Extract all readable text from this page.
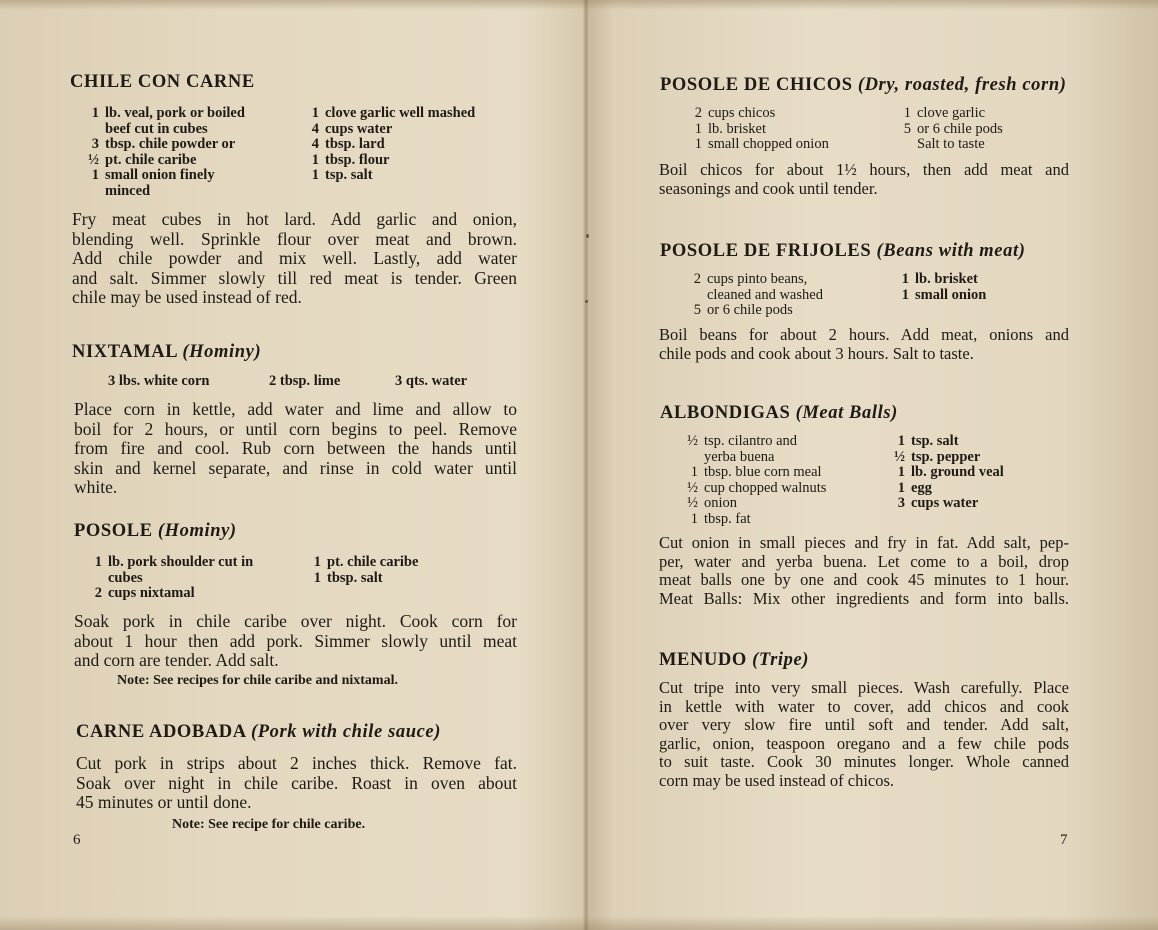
CHILE CON CARNE
1 lb. veal, pork or boiled
beef cut in cubes
3 tbsp. chile powder or
½ pt. chile caribe
1 small onion finely
minced
1 clove garlic well mashed
4 cups water
4 tbsp. lard
1 tbsp. flour
1 tsp. salt
Fry meat cubes in hot lard. Add garlic and onion,
blending well. Sprinkle flour over meat and brown.
Add chile powder and mix well. Lastly, add water
and salt. Simmer slowly till red meat is tender. Green
chile may be used instead of red.
NIXTAMAL (Hominy)
3 lbs. white corn	2 tbsp. lime	3 qts. water
Place corn in kettle, add water and lime and allow to
boil for 2 hours, or until corn begins to peel. Remove
from fire and cool. Rub corn between the hands until
skin and kernel separate, and rinse in cold water until
white.
POSOLE (Hominy)
1 lb. pork shoulder cut in
cubes
2 cups nixtamal
1 pt. chile caribe
1 tbsp. salt
Soak pork in chile caribe over night. Cook corn for
about 1 hour then add pork. Simmer slowly until meat
and corn are tender. Add salt.
Note: See recipes for chile caribe and nixtamal.
CARNE ADOBADA (Pork with chile sauce)
Cut pork in strips about 2 inches thick. Remove fat.
Soak over night in chile caribe. Roast in oven about
45 minutes or until done.
Note: See recipe for chile caribe.
6
POSOLE DE CHICOS (Dry, roasted, fresh corn)
2 cups chicos
1 lb. brisket
1 small chopped onion
1 clove garlic
5 or 6 chile pods
Salt to taste
Boil chicos for about 1½ hours, then add meat and
seasonings and cook until tender.
POSOLE DE FRIJOLES (Beans with meat)
2 cups pinto beans,
cleaned and washed
5 or 6 chile pods
1 lb. brisket
1 small onion
Boil beans for about 2 hours. Add meat, onions and
chile pods and cook about 3 hours. Salt to taste.
ALBONDIGAS (Meat Balls)
½ tsp. cilantro and
yerba buena
1 tbsp. blue corn meal
½ cup chopped walnuts
½ onion
1 tbsp. fat
1 tsp. salt
½ tsp. pepper
1 lb. ground veal
1 egg
3 cups water
Cut onion in small pieces and fry in fat. Add salt, pep-
per, water and yerba buena. Let come to a boil, drop
meat balls one by one and cook 45 minutes to 1 hour.
Meat Balls: Mix other ingredients and form into balls.
MENUDO (Tripe)
Cut tripe into very small pieces. Wash carefully. Place
in kettle with water to cover, add chicos and cook
over very slow fire until soft and tender. Add salt,
garlic, onion, teaspoon oregano and a few chile pods
to suit taste. Cook 30 minutes longer. Whole canned
corn may be used instead of chicos.
7
